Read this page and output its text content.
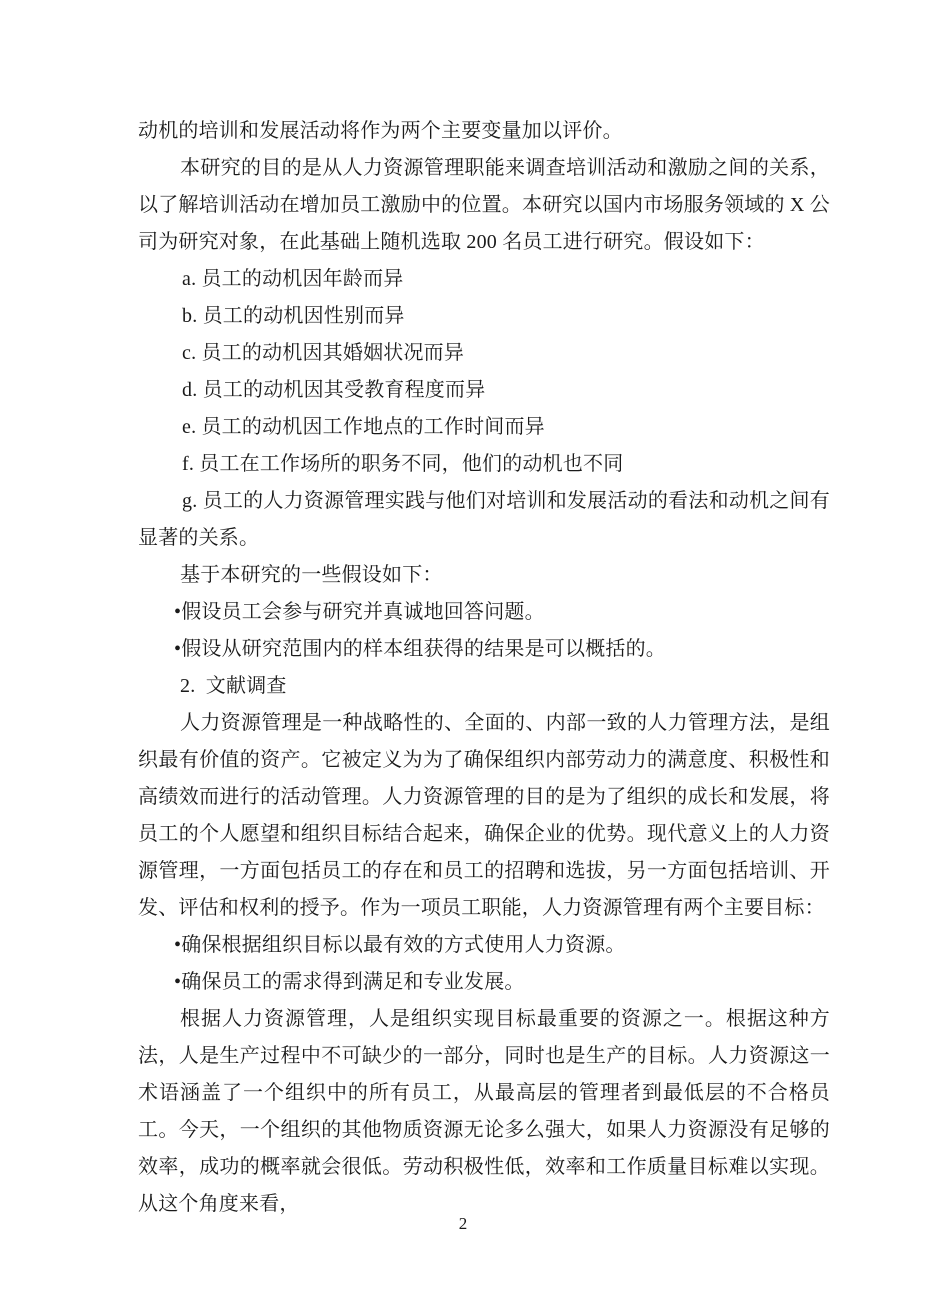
动机的培训和发展活动将作为两个主要变量加以评价。

本研究的目的是从人力资源管理职能来调查培训活动和激励之间的关系，以了解培训活动在增加员工激励中的位置。本研究以国内市场服务领域的 X 公司为研究对象，在此基础上随机选取 200 名员工进行研究。假设如下：

a. 员工的动机因年龄而异

b. 员工的动机因性别而异

c. 员工的动机因其婚姻状况而异

d. 员工的动机因其受教育程度而异

e. 员工的动机因工作地点的工作时间而异

f. 员工在工作场所的职务不同，他们的动机也不同

g. 员工的人力资源管理实践与他们对培训和发展活动的看法和动机之间有显著的关系。

基于本研究的一些假设如下：

•假设员工会参与研究并真诚地回答问题。

•假设从研究范围内的样本组获得的结果是可以概括的。

2.  文献调查

人力资源管理是一种战略性的、全面的、内部一致的人力管理方法，是组织最有价值的资产。它被定义为为了确保组织内部劳动力的满意度、积极性和高绩效而进行的活动管理。人力资源管理的目的是为了组织的成长和发展，将员工的个人愿望和组织目标结合起来，确保企业的优势。现代意义上的人力资源管理，一方面包括员工的存在和员工的招聘和选拔，另一方面包括培训、开发、评估和权利的授予。作为一项员工职能，人力资源管理有两个主要目标：

•确保根据组织目标以最有效的方式使用人力资源。

•确保员工的需求得到满足和专业发展。

根据人力资源管理，人是组织实现目标最重要的资源之一。根据这种方法，人是生产过程中不可缺少的一部分，同时也是生产的目标。人力资源这一术语涵盖了一个组织中的所有员工，从最高层的管理者到最低层的不合格员工。今天，一个组织的其他物质资源无论多么强大，如果人力资源没有足够的效率，成功的概率就会很低。劳动积极性低，效率和工作质量目标难以实现。从这个角度来看，

2
